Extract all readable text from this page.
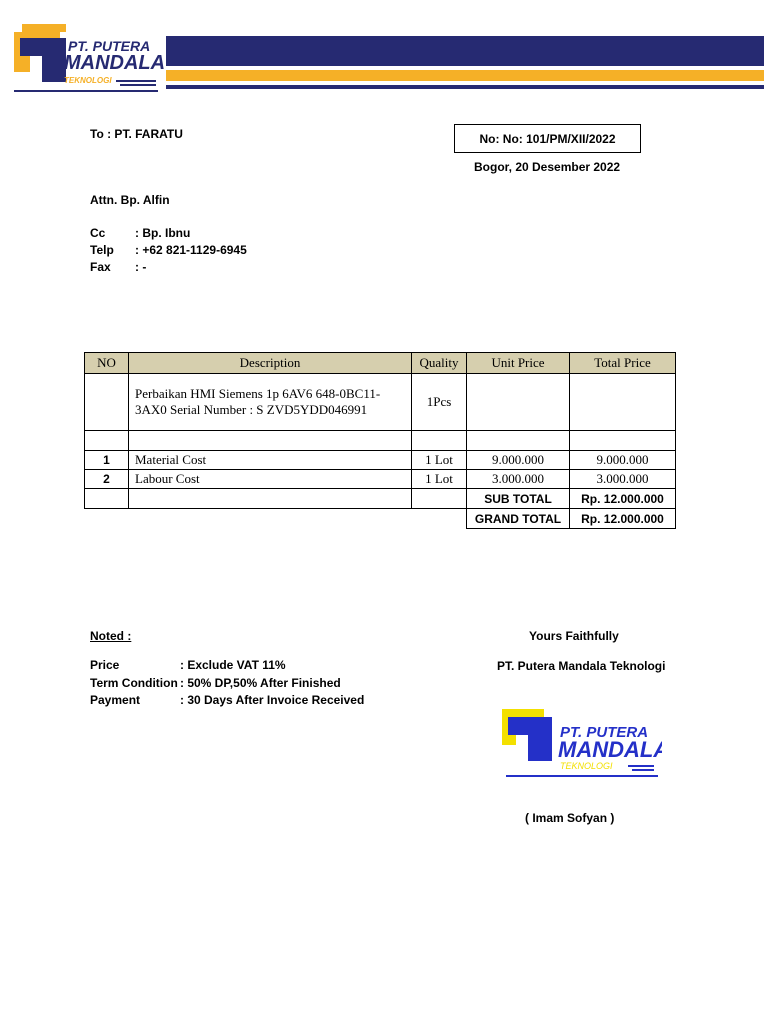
PT. PUTERA
MANDALA
TEKNOLOGI
To : PT. FARATU	No: No: 101/PM/XII/2022
Bogor, 20 Desember 2022
Attn. Bp. Alfin
Cc : Bp. Ibnu
Telp : +62 821-1129-6945
Fax : -
NO	Description	Quality	Unit Price	Total Price

	Perbaikan HMI Siemens 1p 6AV6 648-0BC11-
3AX0 Serial Number : S ZVD5YDD046991	1Pcs		

1	Material Cost	1 Lot	9.000.000	9.000.000
2	Labour Cost	1 Lot	3.000.000	3.000.000
			SUB TOTAL	Rp. 12.000.000
			GRAND TOTAL	Rp. 12.000.000
Noted :
Price	: Exclude VAT 11%
Term Condition : 50% DP,50% After Finished
Payment	: 30 Days After Invoice Received
Yours Faithfully
PT. Putera Mandala Teknologi
PT. PUTERA
MANDALA
TEKNOLOGI
( Imam Sofyan )
